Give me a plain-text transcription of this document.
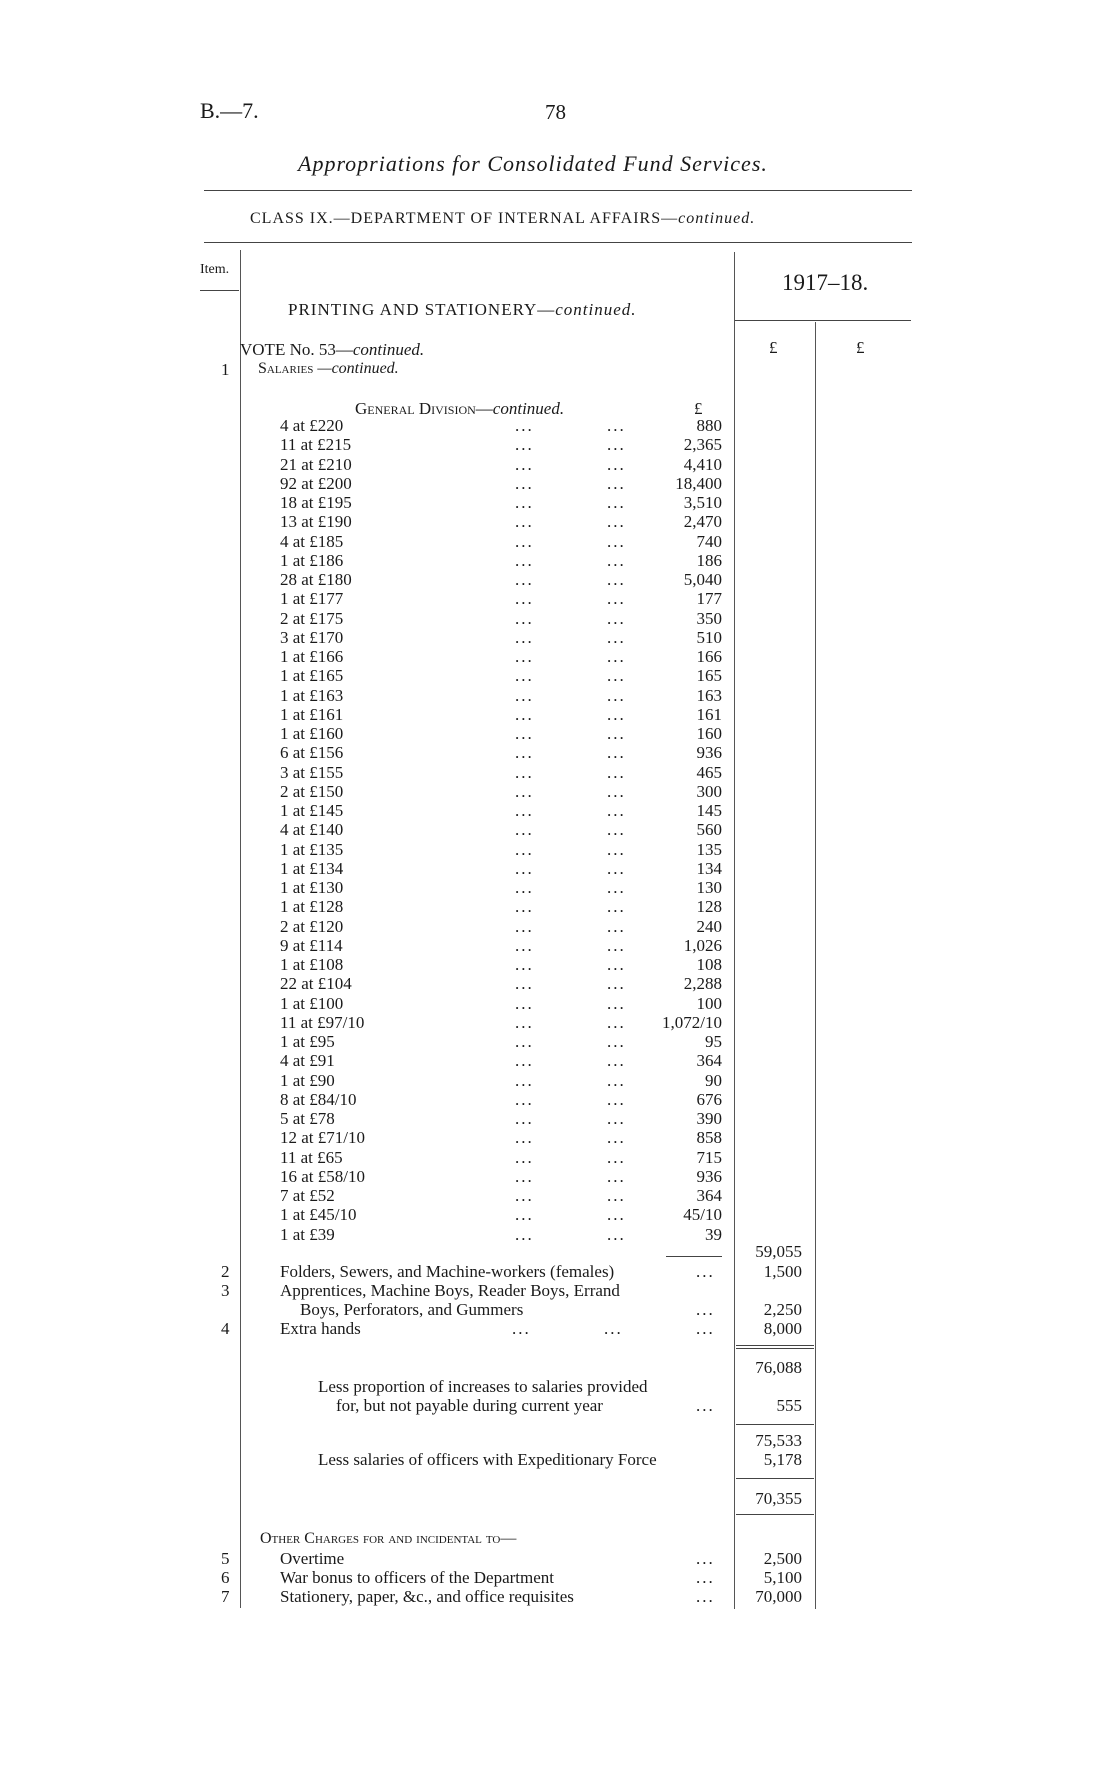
B.—7.	78
Appropriations for Consolidated Fund Services.
CLASS IX.—DEPARTMENT OF INTERNAL AFFAIRS—continued.
Item.
1917–18.
PRINTING AND STATIONERY—continued.
£	£
VOTE No. 53—continued.
1 Salaries —continued.
General Division—continued.	£
4 at £220	...	...	880
11 at £215	...	...	2,365
21 at £210	...	...	4,410
92 at £200	...	...	18,400
18 at £195	...	...	3,510
13 at £190	...	...	2,470
4 at £185	...	...	740
1 at £186	...	...	186
28 at £180	...	...	5,040
1 at £177	...	...	177
2 at £175	...	...	350
3 at £170	...	...	510
1 at £166	...	...	166
1 at £165	...	...	165
1 at £163	...	...	163
1 at £161	...	...	161
1 at £160	...	...	160
6 at £156	...	...	936
3 at £155	...	...	465
2 at £150	...	...	300
1 at £145	...	...	145
4 at £140	...	...	560
1 at £135	...	...	135
1 at £134	...	...	134
1 at £130	...	...	130
1 at £128	...	...	128
2 at £120	...	...	240
9 at £114	...	...	1,026
1 at £108	...	...	108
22 at £104	...	...	2,288
1 at £100	...	...	100
11 at £97/10	...	... 1,072/10
1 at £95	...	...	95
4 at £91	...	...	364
1 at £90	...	...	90
8 at £84/10	...	...	676
5 at £78	...	...	390
12 at £71/10	...	...	858
11 at £65	...	...	715
16 at £58/10	...	...	936
7 at £52	...	...	364
1 at £45/10	...	...	45/10
1 at £39	...	...	39
59,055
2	Folders, Sewers, and Machine-workers (females)	...	1,500
3	Apprentices, Machine Boys, Reader Boys, Errand
Boys, Perforators, and Gummers	...	2,250
4	Extra hands	...	...	...	8,000
76,088
Less proportion of increases to salaries provided
for, but not payable during current year	...	555
75,533
Less salaries of officers with Expeditionary Force	5,178
70,355
Other Charges for and incidental to—
5	Overtime	...	2,500
6	War bonus to officers of the Department	...	5,100
7	Stationery, paper, &c., and office requisites	... 70,000
